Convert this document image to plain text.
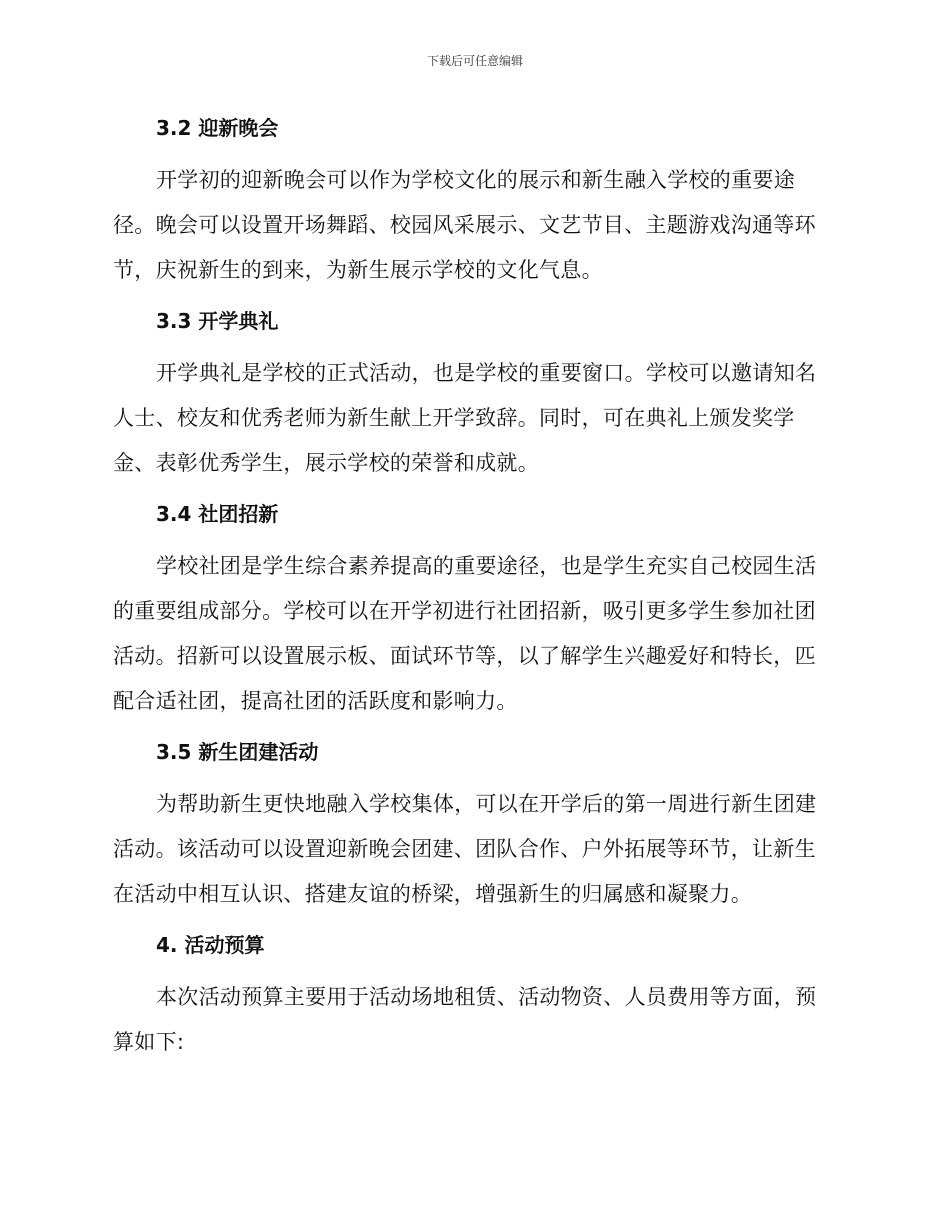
下载后可任意编辑
3.2 迎新晚会
开学初的迎新晚会可以作为学校文化的展示和新生融入学校的重要途
径。晚会可以设置开场舞蹈、校园风采展示、文艺节目、主题游戏沟通等环
节，庆祝新生的到来，为新生展示学校的文化气息。
3.3 开学典礼
开学典礼是学校的正式活动，也是学校的重要窗口。学校可以邀请知名
人士、校友和优秀老师为新生献上开学致辞。同时，可在典礼上颁发奖学
金、表彰优秀学生，展示学校的荣誉和成就。
3.4 社团招新
学校社团是学生综合素养提高的重要途径，也是学生充实自己校园生活
的重要组成部分。学校可以在开学初进行社团招新，吸引更多学生参加社团
活动。招新可以设置展示板、面试环节等，以了解学生兴趣爱好和特长，匹
配合适社团，提高社团的活跃度和影响力。
3.5 新生团建活动
为帮助新生更快地融入学校集体，可以在开学后的第一周进行新生团建
活动。该活动可以设置迎新晚会团建、团队合作、户外拓展等环节，让新生
在活动中相互认识、搭建友谊的桥梁，增强新生的归属感和凝聚力。
4. 活动预算
本次活动预算主要用于活动场地租赁、活动物资、人员费用等方面，预
算如下:
